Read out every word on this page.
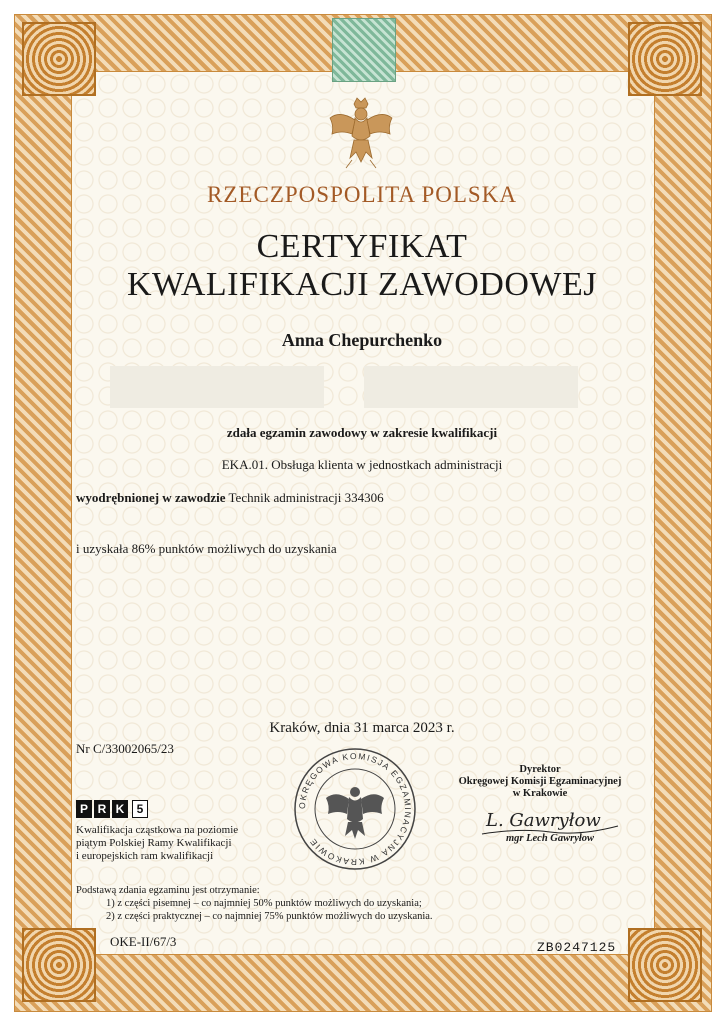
RZECZPOSPOLITA POLSKA
CERTYFIKAT
KWALIFIKACJI ZAWODOWEJ
Anna Chepurchenko
zdała egzamin zawodowy w zakresie kwalifikacji
EKA.01. Obsługa klienta w jednostkach administracji
wyodrębnionej w zawodzie Technik administracji 334306
i uzyskała 86% punktów możliwych do uzyskania
Kraków, dnia 31 marca 2023 r.
Nr C/33002065/23
OKRĘGOWA KOMISJA EGZAMINACYJNA W KRAKOWIE
Dyrektor
Okręgowej Komisji Egzaminacyjnej
w Krakowie
L. Gawryłow
mgr Lech Gawryłow
P R K	5
Kwalifikacja cząstkowa na poziomie
piątym Polskiej Ramy Kwalifikacji
i europejskich ram kwalifikacji
Podstawą zdania egzaminu jest otrzymanie:
1) z części pisemnej – co najmniej 50% punktów możliwych do uzyskania;
2) z części praktycznej – co najmniej 75% punktów możliwych do uzyskania.
OKE-II/67/3	ZB0247125
